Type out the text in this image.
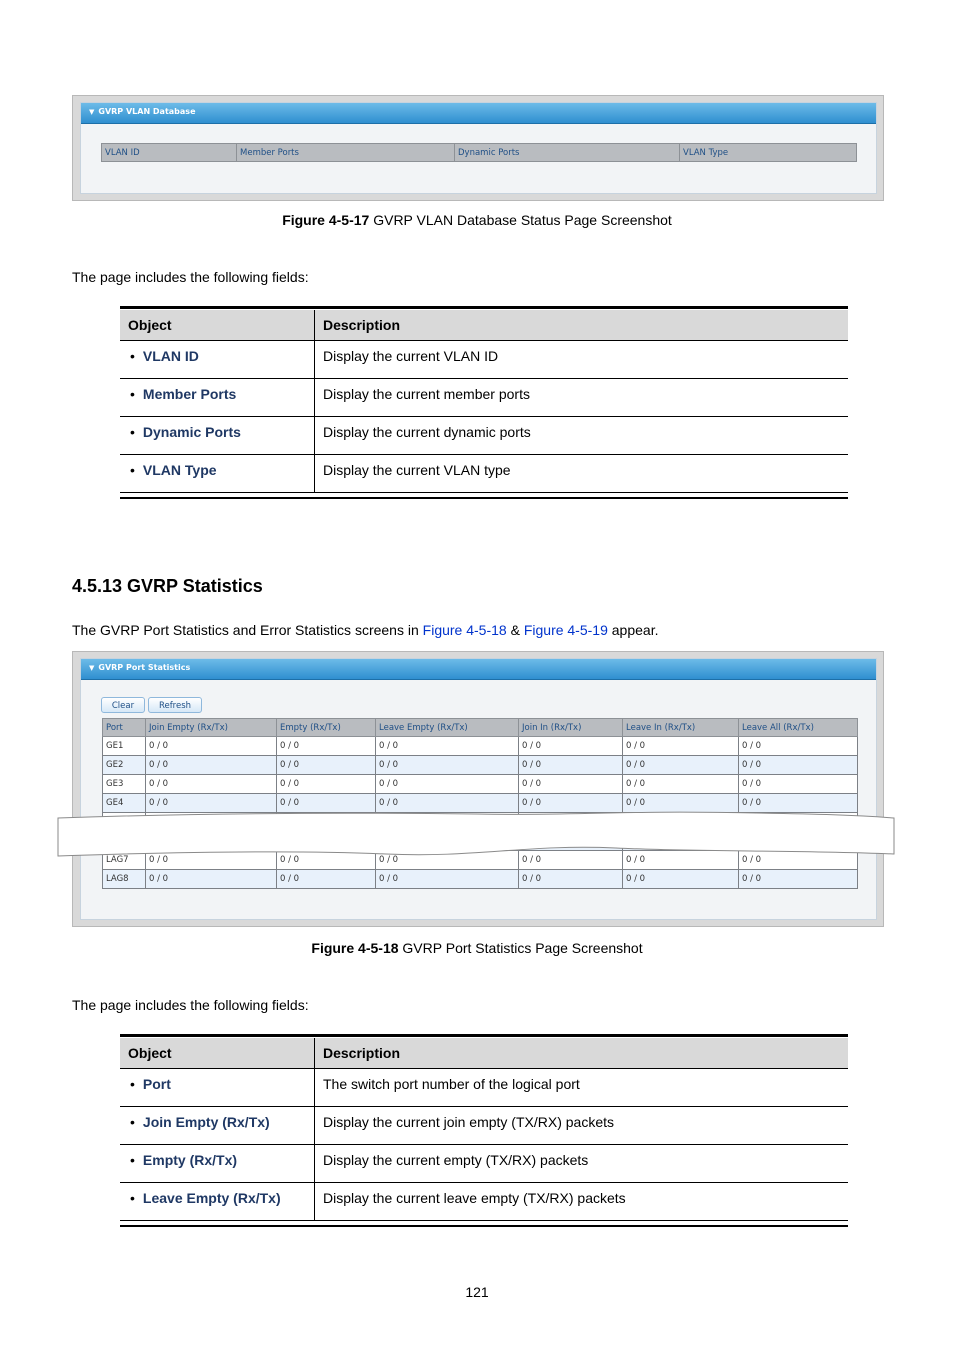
▼ GVRP VLAN Database
VLAN ID	Member Ports	Dynamic Ports	VLAN Type
Figure 4-5-17 GVRP VLAN Database Status Page Screenshot
The page includes the following fields:
Object	Description
• VLAN ID	Display the current VLAN ID
• Member Ports	Display the current member ports
• Dynamic Ports	Display the current dynamic ports
• VLAN Type	Display the current VLAN type
4.5.13 GVRP Statistics
The GVRP Port Statistics and Error Statistics screens in Figure 4-5-18 & Figure 4-5-19 appear.
▼ GVRP Port Statistics
Clear	Refresh
Port	Join Empty (Rx/Tx)	Empty (Rx/Tx)	Leave Empty (Rx/Tx)	Join In (Rx/Tx)	Leave In (Rx/Tx)	Leave All (Rx/Tx)
GE1	0 / 0	0 / 0	0 / 0	0 / 0	0 / 0	0 / 0
GE2	0 / 0	0 / 0	0 / 0	0 / 0	0 / 0	0 / 0
GE3	0 / 0	0 / 0	0 / 0	0 / 0	0 / 0	0 / 0
GE4	0 / 0	0 / 0	0 / 0	0 / 0	0 / 0	0 / 0

LAG7	0 / 0	0 / 0	0 / 0	0 / 0	0 / 0	0 / 0
LAG8	0 / 0	0 / 0	0 / 0	0 / 0	0 / 0	0 / 0
Figure 4-5-18 GVRP Port Statistics Page Screenshot
The page includes the following fields:
Object	Description
• Port	The switch port number of the logical port
• Join Empty (Rx/Tx)	Display the current join empty (TX/RX) packets
• Empty (Rx/Tx)	Display the current empty (TX/RX) packets
• Leave Empty (Rx/Tx)	Display the current leave empty (TX/RX) packets
121
